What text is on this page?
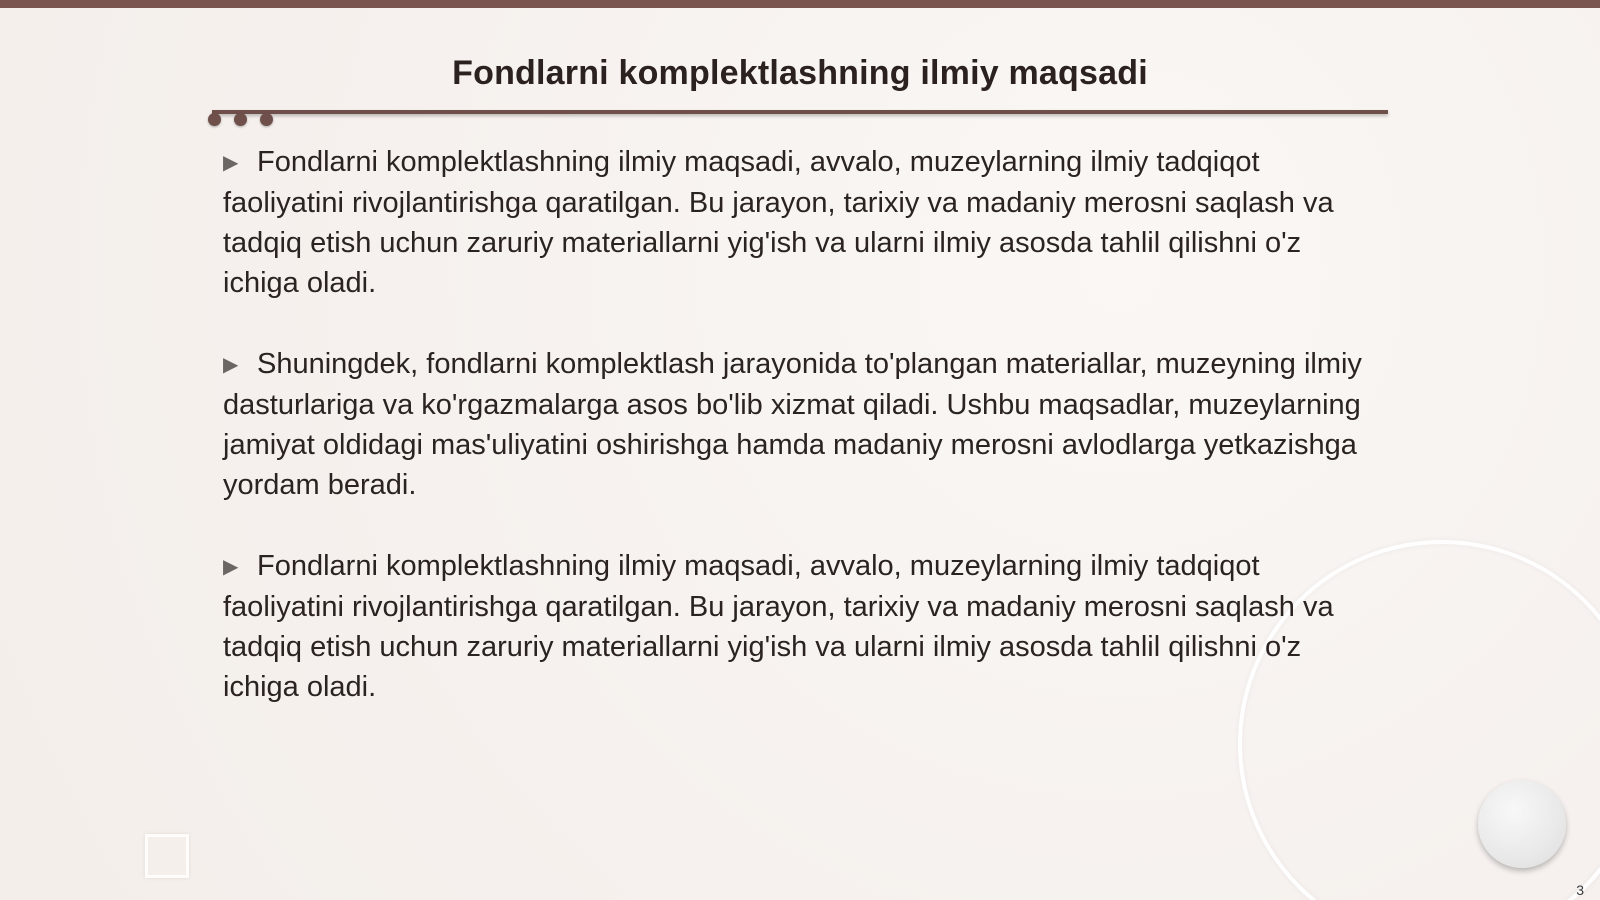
Fondlarni komplektlashning ilmiy maqsadi

▶ Fondlarni komplektlashning ilmiy maqsadi, avvalo, muzeylarning ilmiy tadqiqot faoliyatini rivojlantirishga qaratilgan. Bu jarayon, tarixiy va madaniy merosni saqlash va tadqiq etish uchun zaruriy materiallarni yig'ish va ularni ilmiy asosda tahlil qilishni o'z ichiga oladi.

▶ Shuningdek, fondlarni komplektlash jarayonida to'plangan materiallar, muzeyning ilmiy dasturlariga va ko'rgazmalarga asos bo'lib xizmat qiladi. Ushbu maqsadlar, muzeylarning jamiyat oldidagi mas'uliyatini oshirishga hamda madaniy merosni avlodlarga yetkazishga yordam beradi.

▶ Fondlarni komplektlashning ilmiy maqsadi, avvalo, muzeylarning ilmiy tadqiqot faoliyatini rivojlantirishga qaratilgan. Bu jarayon, tarixiy va madaniy merosni saqlash va tadqiq etish uchun zaruriy materiallarni yig'ish va ularni ilmiy asosda tahlil qilishni o'z ichiga oladi.

3
